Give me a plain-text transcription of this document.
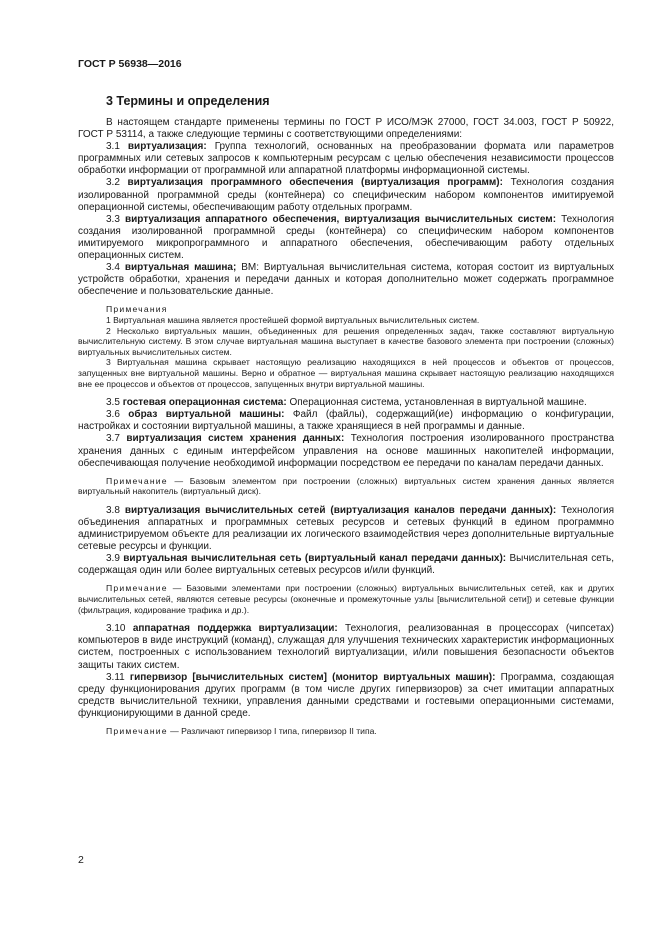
ГОСТ Р 56938—2016
3 Термины и определения

В настоящем стандарте применены термины по ГОСТ Р ИСО/МЭК 27000, ГОСТ 34.003, ГОСТ Р 50922, ГОСТ Р 53114, а также следующие термины с соответствующими определениями:

3.1 виртуализация: Группа технологий, основанных на преобразовании формата или параметров программных или сетевых запросов к компьютерным ресурсам с целью обеспечения независимости процессов обработки информации от программной или аппаратной платформы информационной системы.

3.2 виртуализация программного обеспечения (виртуализация программ): Технология создания изолированной программной среды (контейнера) со специфическим набором компонентов имитируемой операционной системы, обеспечивающим работу отдельных программ.

3.3 виртуализация аппаратного обеспечения, виртуализация вычислительных систем: Технология создания изолированной программной среды (контейнера) со специфическим набором компонентов имитируемого микропрограммного и аппаратного обеспечения, обеспечивающим работу отдельных операционных систем.

3.4 виртуальная машина; ВМ: Виртуальная вычислительная система, которая состоит из виртуальных устройств обработки, хранения и передачи данных и которая дополнительно может содержать программное обеспечение и пользовательские данные.

Примечания

1 Виртуальная машина является простейшей формой виртуальных вычислительных систем.

2 Несколько виртуальных машин, объединенных для решения определенных задач, также составляют виртуальную вычислительную систему. В этом случае виртуальная машина выступает в качестве базового элемента при построении (сложных) виртуальных вычислительных систем.

3 Виртуальная машина скрывает настоящую реализацию находящихся в ней процессов и объектов от процессов, запущенных вне виртуальной машины. Верно и обратное — виртуальная машина скрывает настоящую реализацию находящихся вне ее процессов и объектов от процессов, запущенных внутри виртуальной машины.

3.5 гостевая операционная система: Операционная система, установленная в виртуальной машине.

3.6 образ виртуальной машины: Файл (файлы), содержащий(ие) информацию о конфигурации, настройках и состоянии виртуальной машины, а также хранящиеся в ней программы и данные.

3.7 виртуализация систем хранения данных: Технология построения изолированного пространства хранения данных с единым интерфейсом управления на основе машинных накопителей информации, обеспечивающая получение необходимой информации посредством ее передачи по каналам передачи данных.

Примечание — Базовым элементом при построении (сложных) виртуальных систем хранения данных является виртуальный накопитель (виртуальный диск).

3.8 виртуализация вычислительных сетей (виртуализация каналов передачи данных): Технология объединения аппаратных и программных сетевых ресурсов и сетевых функций в едином программно администрируемом объекте для реализации их логического взаимодействия через дополнительные виртуальные сетевые ресурсы и функции.

3.9 виртуальная вычислительная сеть (виртуальный канал передачи данных): Вычислительная сеть, содержащая один или более виртуальных сетевых ресурсов и/или функций.

Примечание — Базовыми элементами при построении (сложных) виртуальных вычислительных сетей, как и других вычислительных сетей, являются сетевые ресурсы (оконечные и промежуточные узлы [вычислительной сети]) и сетевые функции (фильтрация, кодирование трафика и др.).

3.10 аппаратная поддержка виртуализации: Технология, реализованная в процессорах (чипсетах) компьютеров в виде инструкций (команд), служащая для улучшения технических характеристик информационных систем, построенных с использованием технологий виртуализации, и/или повышения безопасности объектов защиты таких систем.

3.11 гипервизор [вычислительных систем] (монитор виртуальных машин): Программа, создающая среду функционирования других программ (в том числе других гипервизоров) за счет имитации аппаратных средств вычислительной техники, управления данными средствами и гостевыми операционными системами, функционирующими в данной среде.

Примечание — Различают гипервизор I типа, гипервизор II типа.

2
